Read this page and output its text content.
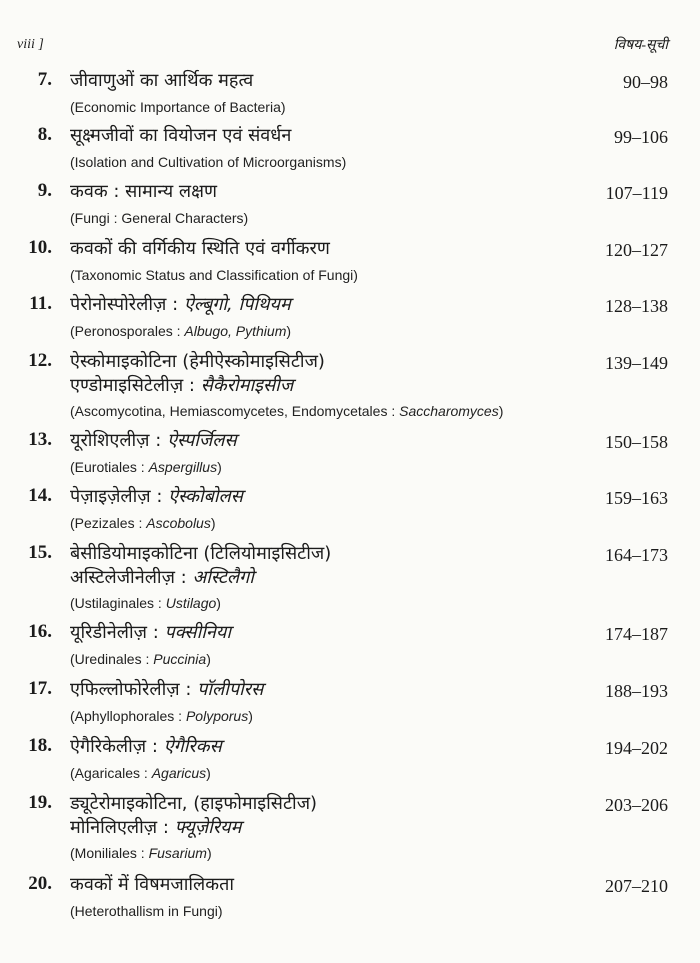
viii ]	विषय-सूची
7. जीवाणुओं का आर्थिक महत्व
(Economic Importance of Bacteria)
90–98
8. सूक्ष्मजीवों का वियोजन एवं संवर्धन
(Isolation and Cultivation of Microorganisms)
99–106
9. कवक : सामान्य लक्षण
(Fungi : General Characters)
107–119
10. कवकों की वर्गिकीय स्थिति एवं वर्गीकरण
(Taxonomic Status and Classification of Fungi)
120–127
11. पेरोनोस्पोरेलीज़ : ऐल्बूगो, पिथियम
(Peronosporales : Albugo, Pythium)
128–138
12. ऐस्कोमाइकोटिना (हेमीऐस्कोमाइसिटीज)
एण्डोमाइसिटेलीज़ : सैकैरोमाइसीज
(Ascomycotina, Hemiascomycetes, Endomycetales : Saccharomyces)
139–149
13. यूरोशिएलीज़ : ऐस्पर्जिलस
(Eurotiales : Aspergillus)
150–158
14. पेज़ाइज़ेलीज़ : ऐस्कोबोलस
(Pezizales : Ascobolus)
159–163
15. बेसीडियोमाइकोटिना (टिलियोमाइसिटीज)
अस्टिलेजीनेलीज़ : अस्टिलैगो
(Ustilaginales : Ustilago)
164–173
16. यूरिडीनेलीज़ : पक्सीनिया
(Uredinales : Puccinia)
174–187
17. एफिल्लोफोरेलीज़ : पॉलीपोरस
(Aphyllophorales : Polyporus)
188–193
18. ऐगैरिकेलीज़ : ऐगैरिकस
(Agaricales : Agaricus)
194–202
19. ड्यूटेरोमाइकोटिना, (हाइफोमाइसिटीज)
मोनिलिएलीज़ : फ्यूज़ेरियम
(Moniliales : Fusarium)
203–206
20. कवकों में विषमजालिकता
(Heterothallism in Fungi)
207–210
